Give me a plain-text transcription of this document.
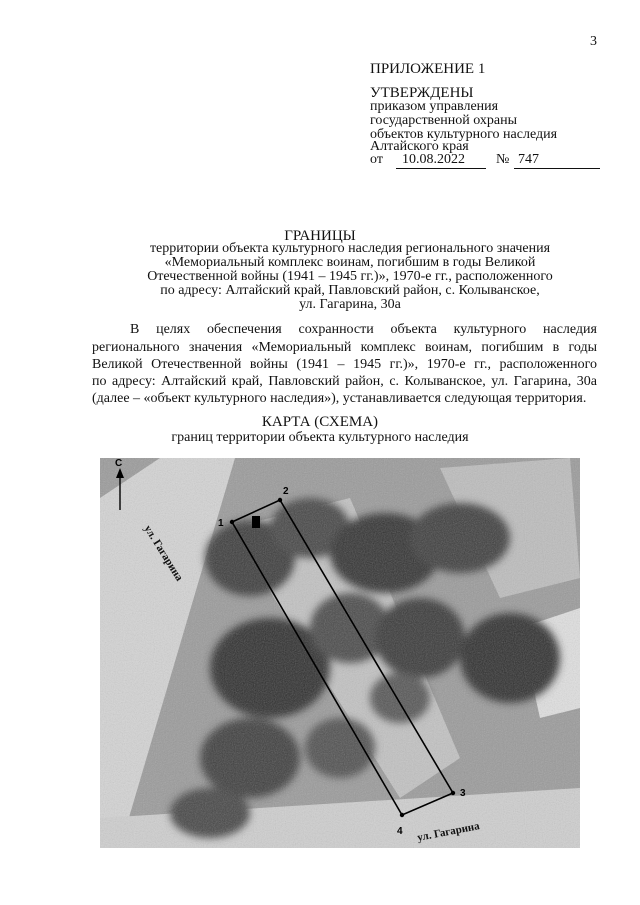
3
ПРИЛОЖЕНИЕ 1
УТВЕРЖДЕНЫ
приказом управления
государственной охраны
объектов культурного наследия
Алтайского края
от	10.08.2022	№ 747
ГРАНИЦЫ
территории объекта культурного наследия регионального значения
«Мемориальный комплекс воинам, погибшим в годы Великой
Отечественной войны (1941 – 1945 гг.)», 1970-е гг., расположенного
по адресу: Алтайский край, Павловский район, с. Колыванское,
ул. Гагарина, 30а
В целях обеспечения сохранности объекта культурного наследия
регионального значения «Мемориальный комплекс воинам, погибшим в годы
Великой Отечественной войны (1941 – 1945 гг.)», 1970-е гг., расположенного
по адресу: Алтайский край, Павловский район, с. Колыванское, ул. Гагарина, 30а
(далее – «объект культурного наследия»), устанавливается следующая территория.
КАРТА (СХЕМА)
границ территории объекта культурного наследия
1
2
3
4
С
ул. Гагарина
ул. Гагарина
